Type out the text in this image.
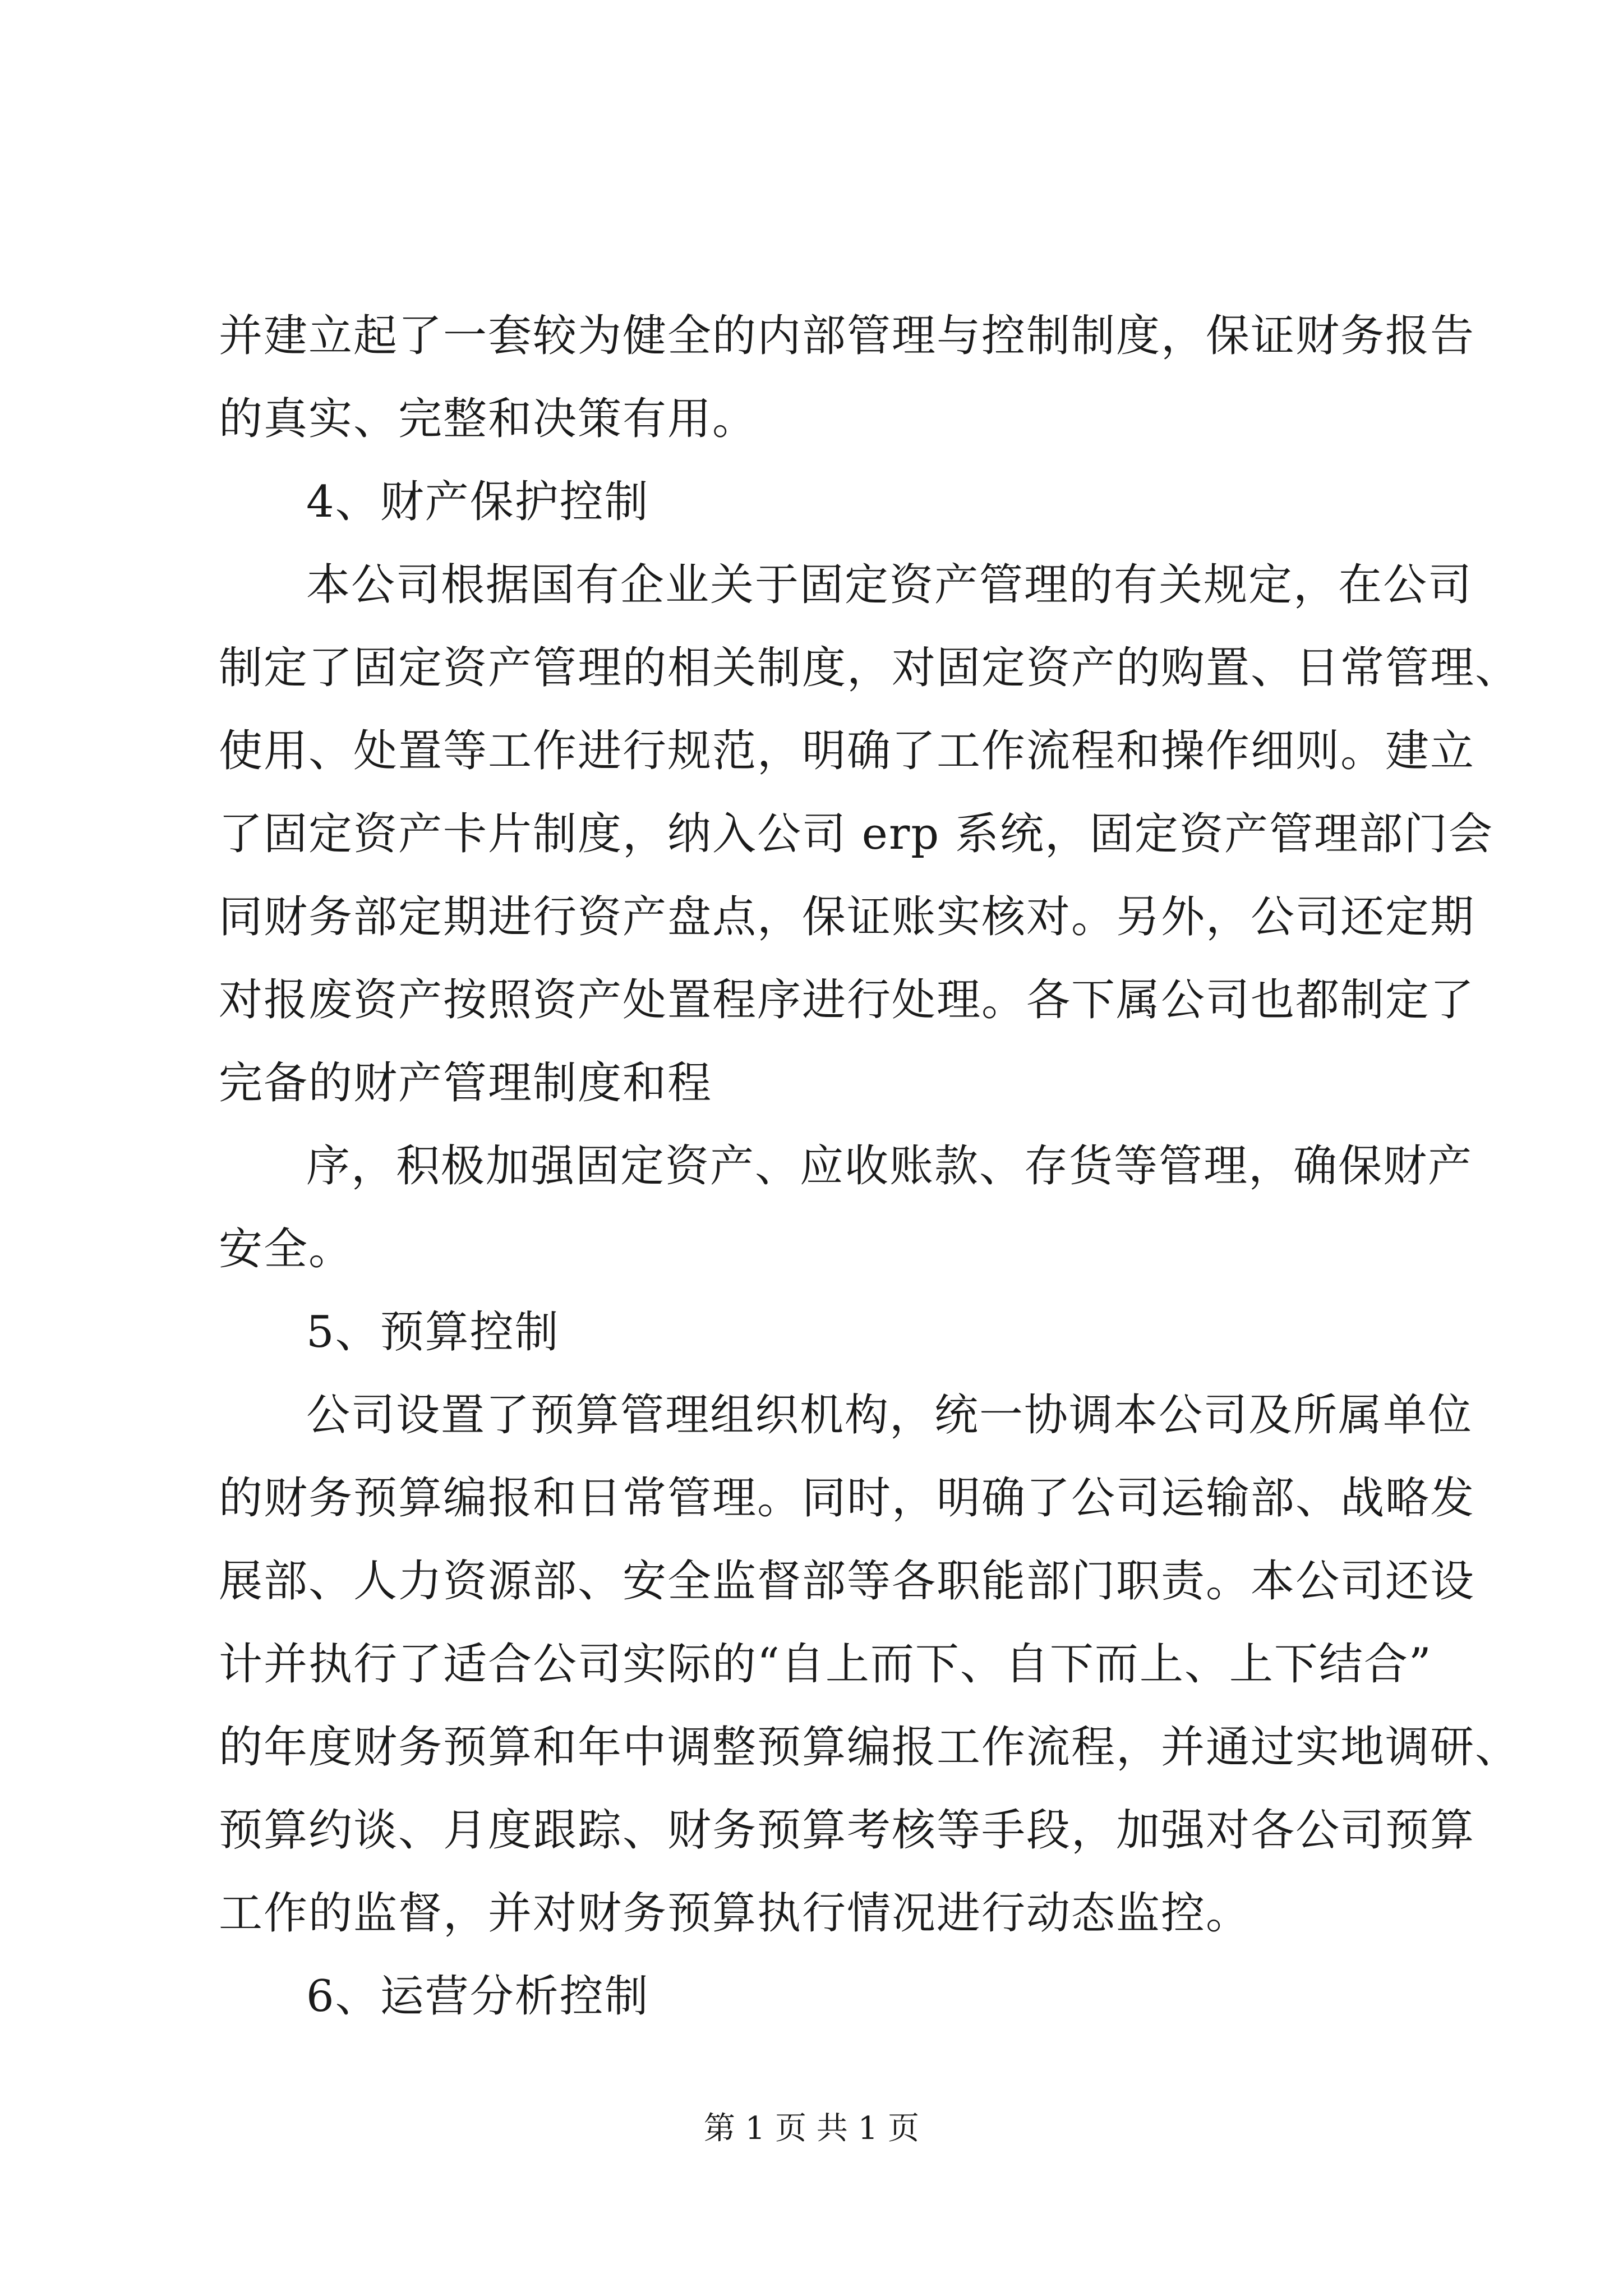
并建立起了一套较为健全的内部管理与控制制度，保证财务报告
的真实、完整和决策有用。
4、财产保护控制
本公司根据国有企业关于固定资产管理的有关规定，在公司
制定了固定资产管理的相关制度，对固定资产的购置、日常管理、
使用、处置等工作进行规范，明确了工作流程和操作细则。建立
了固定资产卡片制度，纳入公司 erp 系统，固定资产管理部门会
同财务部定期进行资产盘点，保证账实核对。另外，公司还定期
对报废资产按照资产处置程序进行处理。各下属公司也都制定了
完备的财产管理制度和程
序，积极加强固定资产、应收账款、存货等管理，确保财产
安全。
5、预算控制
公司设置了预算管理组织机构，统一协调本公司及所属单位
的财务预算编报和日常管理。同时，明确了公司运输部、战略发
展部、人力资源部、安全监督部等各职能部门职责。本公司还设
计并执行了适合公司实际的“自上而下、自下而上、上下结合”
的年度财务预算和年中调整预算编报工作流程，并通过实地调研、
预算约谈、月度跟踪、财务预算考核等手段，加强对各公司预算
工作的监督，并对财务预算执行情况进行动态监控。
6、运营分析控制
第 1 页 共 1 页
